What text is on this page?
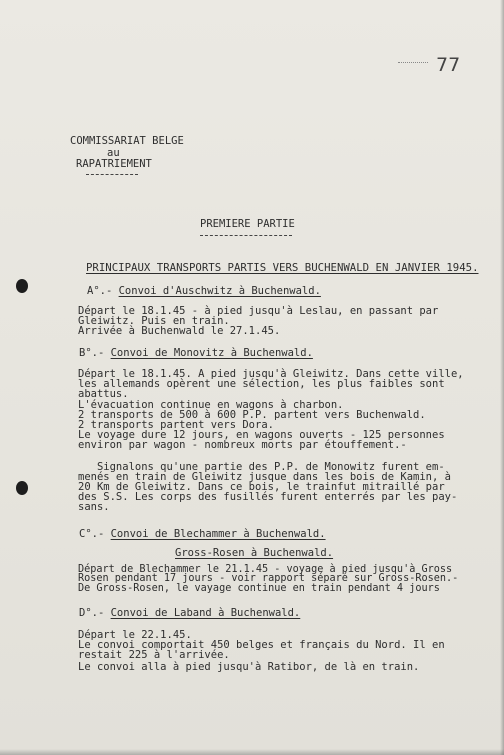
77
COMMISSARIAT BELGE
au
RAPATRIEMENT
PREMIERE PARTIE
PRINCIPAUX TRANSPORTS PARTIS VERS BUCHENWALD EN JANVIER 1945.
A°.- Convoi d'Auschwitz à Buchenwald.
Départ le 18.1.45 - à pied jusqu'à Leslau, en passant par
Gleiwitz. Puis en train.
Arrivée à Buchenwald le 27.1.45.
B°.- Convoi de Monovitz à Buchenwald.
Départ le 18.1.45. A pied jusqu'à Gleiwitz. Dans cette ville,
les allemands opèrent une sélection, les plus faibles sont
abattus.
L'évacuation continue en wagons à charbon.
2 transports de 500 à 600 P.P. partent vers Buchenwald.
2 transports partent vers Dora.
Le voyage dure 12 jours, en wagons ouverts - 125 personnes
environ par wagon - nombreux morts par étouffement.-
Signalons qu'une partie des P.P. de Monowitz furent em-
menés en train de Gleiwitz jusque dans les bois de Kamin, à
20 Km de Gleiwitz. Dans ce bois, le trainfut mitraillé par
des S.S. Les corps des fusillés furent enterrés par les pay-
sans.
C°.- Convoi de Blechammer à Buchenwald.
Gross-Rosen à Buchenwald.
Départ de Blechammer le 21.1.45 - voyage à pied jusqu'à Gross
Rosen pendant 17 jours - voir rapport séparé sur Gross-Rosen.-
De Gross-Rosen, le vayage continue en train pendant 4 jours
D°.- Convoi de Laband à Buchenwald.
Départ le 22.1.45.
Le convoi comportait 450 belges et français du Nord. Il en
restait 225 à l'arrivée.
Le convoi alla à pied jusqu'à Ratibor, de là en train.
